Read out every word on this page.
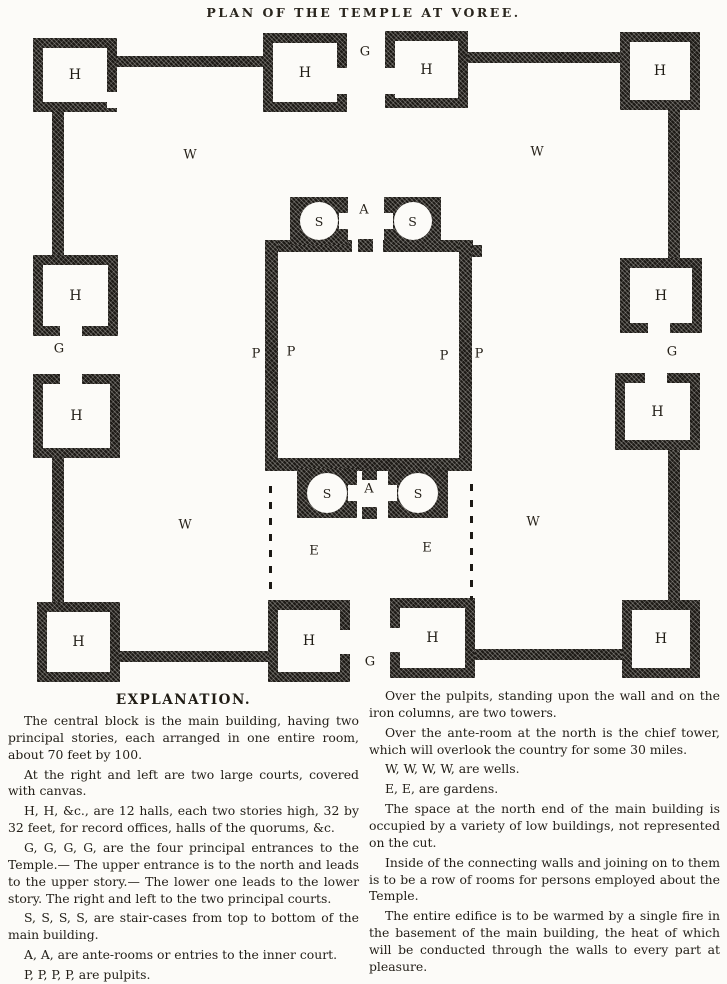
PLAN OF THE TEMPLE AT VOREE.
H	H	H	H
H
H
H
H
H	H	H	H
S	S
S	S
G
G	G
G
W	W
W	W
A
A
E	E
P P	P P
EXPLANATION.

The central block is the main building, having two principal stories, each arranged in one entire room, about 70 feet by 100.

At the right and left are two large courts, covered with canvas.

H, H, &c., are 12 halls, each two stories high, 32 by 32 feet, for record offices, halls of the quorums, &c.

G, G, G, G, are the four principal entrances to the Temple.— The upper entrance is to the north and leads to the upper story.— The lower one leads to the lower story. The right and left to the two principal courts.

S, S, S, S, are stair-cases from top to bottom of the main building.

A, A, are ante-rooms or entries to the inner court.

P, P, P, P, are pulpits.

Over the pulpits, standing upon the wall and on the iron columns, are two towers.

Over the ante-room at the north is the chief tower, which will overlook the country for some 30 miles.

W, W, W, W, are wells.

E, E, are gardens.

The space at the north end of the main building is occupied by a variety of low buildings, not represented on the cut.

Inside of the connecting walls and joining on to them is to be a row of rooms for persons employed about the Temple.

The entire edifice is to be warmed by a single fire in the basement of the main building, the heat of which will be conducted through the walls to every part at pleasure.
